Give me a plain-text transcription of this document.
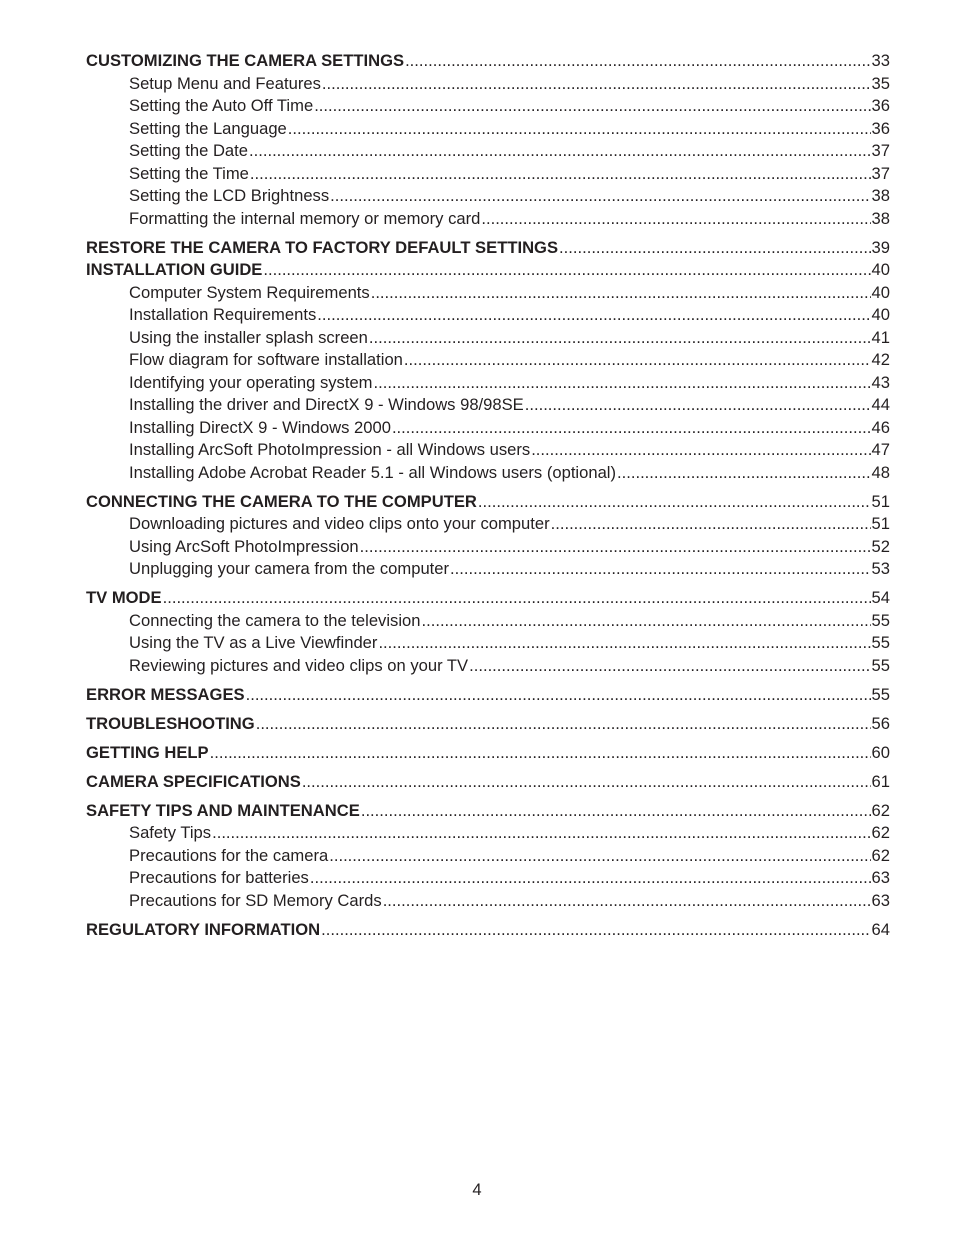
CUSTOMIZING THE CAMERA SETTINGS .....	33
Setup Menu and Features .....	35
Setting the Auto Off Time .....	36
Setting the Language .....	36
Setting the Date .....	37
Setting the Time .....	37
Setting the LCD Brightness .....	38
Formatting the internal memory or memory card .....	38
RESTORE THE CAMERA TO FACTORY DEFAULT SETTINGS .....	39
INSTALLATION GUIDE .....	40
Computer System Requirements .....	40
Installation Requirements .....	40
Using the installer splash screen .....	41
Flow diagram for software installation .....	42
Identifying your operating system .....	43
Installing the driver and DirectX 9 - Windows 98/98SE .....	44
Installing DirectX 9 - Windows 2000 .....	46
Installing ArcSoft PhotoImpression - all Windows users .....	47
Installing Adobe Acrobat Reader 5.1 - all Windows users (optional) .....	48
CONNECTING THE CAMERA TO THE COMPUTER .....	51
Downloading pictures and video clips onto your computer .....	51
Using ArcSoft PhotoImpression .....	52
Unplugging your camera from the computer .....	53
TV MODE .....	54
Connecting the camera to the television .....	55
Using the TV as a Live Viewfinder .....	55
Reviewing pictures and video clips on your TV .....	55
ERROR MESSAGES .....	55
TROUBLESHOOTING .....	56
GETTING HELP .....	60
CAMERA SPECIFICATIONS .....	61
SAFETY TIPS AND MAINTENANCE .....	62
Safety Tips .....	62
Precautions for the camera .....	62
Precautions for batteries .....	63
Precautions for SD Memory Cards .....	63
REGULATORY INFORMATION .....	64
4
